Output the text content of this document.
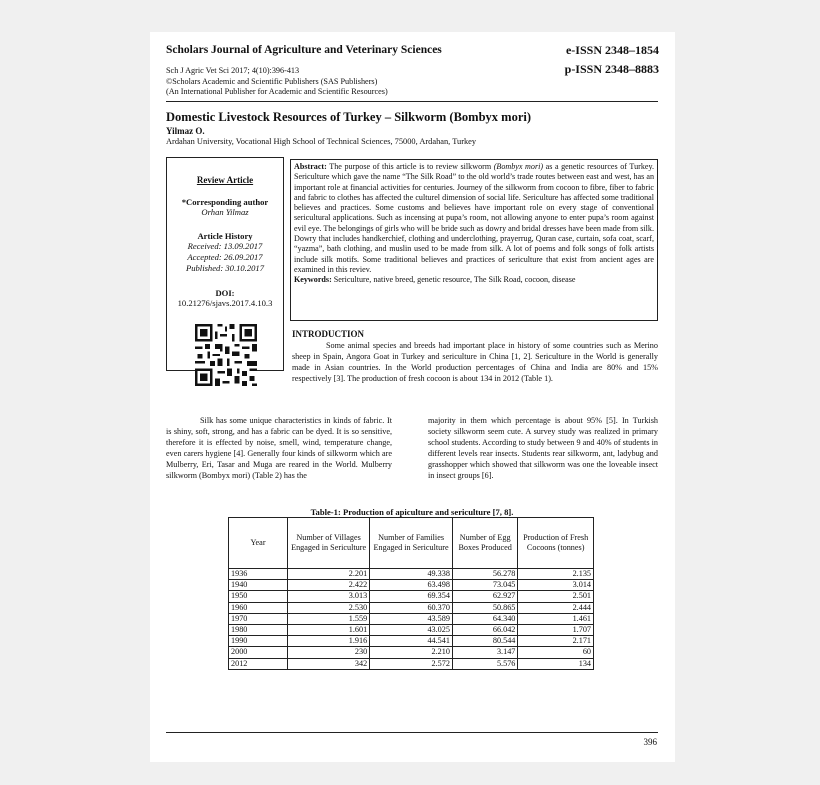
Scholars Journal of Agriculture and Veterinary Sciences	e-ISSN 2348–1854
p-ISSN 2348–8883
Sch J Agric Vet Sci 2017; 4(10):396-413
©Scholars Academic and Scientific Publishers (SAS Publishers)
(An International Publisher for Academic and Scientific Resources)
Domestic Livestock Resources of Turkey – Silkworm (Bombyx mori)
Yilmaz O.
Ardahan University, Vocational High School of Technical Sciences, 75000, Ardahan, Turkey
Review Article
*Corresponding author
Orhan Yilmaz
Article History
Received: 13.09.2017
Accepted: 26.09.2017
Published: 30.10.2017
DOI:
10.21276/sjavs.2017.4.10.3
Abstract: The purpose of this article is to review silkworm (Bombyx mori) as a genetic resources of Turkey. Sericulture which gave the name “The Silk Road” to the old world’s trade routes between east and west, has an important role at financial activities for centuries. Journey of the silkworm from cocoon to fibre, fiber to fabric and fabric to clothes has affected the culturel dimension of social life. Sericulture has affected some traditional believes and practices. Some customs and believes have important role on every stage of conventional sericultural applications. Such as incensing at pupa’s room, not allowing anyone to enter pupa’s room against evil eye. The belongings of girls who will be bride such as dowry and bridal dresses have been made from silk. Dowry that includes handkerchief, clothing and underclothing, prayerrug, Quran case, curtain, sofa coat, scarf, “yazma”, bath clothing, and muslin used to be made from silk. A lot of poems and folk songs of folk artists include silk motifs. Some traditional believes and practices of sericulture that exist from ancient ages are examined in this reviev.
Keywords: Sericulture, native breed, genetic resource, The Silk Road, cocoon, disease
INTRODUCTION
Some animal species and breeds had important place in history of some countries such as Merino sheep in Spain, Angora Goat in Turkey and sericulture in China [1, 2]. Sericulture in the World is generally made in Asian countries. In the World production percentages of China and India are 80% and 15% respectively [3]. The production of fresh cocoon is about 134 in 2012 (Table 1).
Silk has some unique characteristics in kinds of fabric. It is shiny, soft, strong, and has a fabric can be dyed. It is so sensitive, therefore it is effected by noise, smell, wind, temperature change, even carers hygiene [4]. Generally four kinds of silkworm which are Mulberry, Eri, Tasar and Muga are reared in the World. Mulberry silkworm (Bombyx mori) (Table 2) has the
majority in them which percentage is about 95% [5]. In Turkish society silkworm seem cute. A survey study was realized in primary school students. According to study between 9 and 40% of students in different levels rear insects. Students rear silkworm, ant, ladybug and grasshopper which showed that silkworm was one the loveable insect in insect groups [6].
Table-1: Production of apiculture and sericulture [7, 8].
Year	Number of Villages Engaged in Sericulture	Number of Families Engaged in Sericulture	Number of Egg Boxes Produced	Production of Fresh Cocoons (tonnes)
1936	2.201	49.338	56.278	2.135
1940	2.422	63.498	73.045	3.014
1950	3.013	69.354	62.927	2.501
1960	2.530	60.370	50.865	2.444
1970	1.559	43.589	64.340	1.461
1980	1.601	43.025	66.042	1.707
1990	1.916	44.541	80.544	2.171
2000	230	2.210	3.147	60
2012	342	2.572	5.576	134
396
